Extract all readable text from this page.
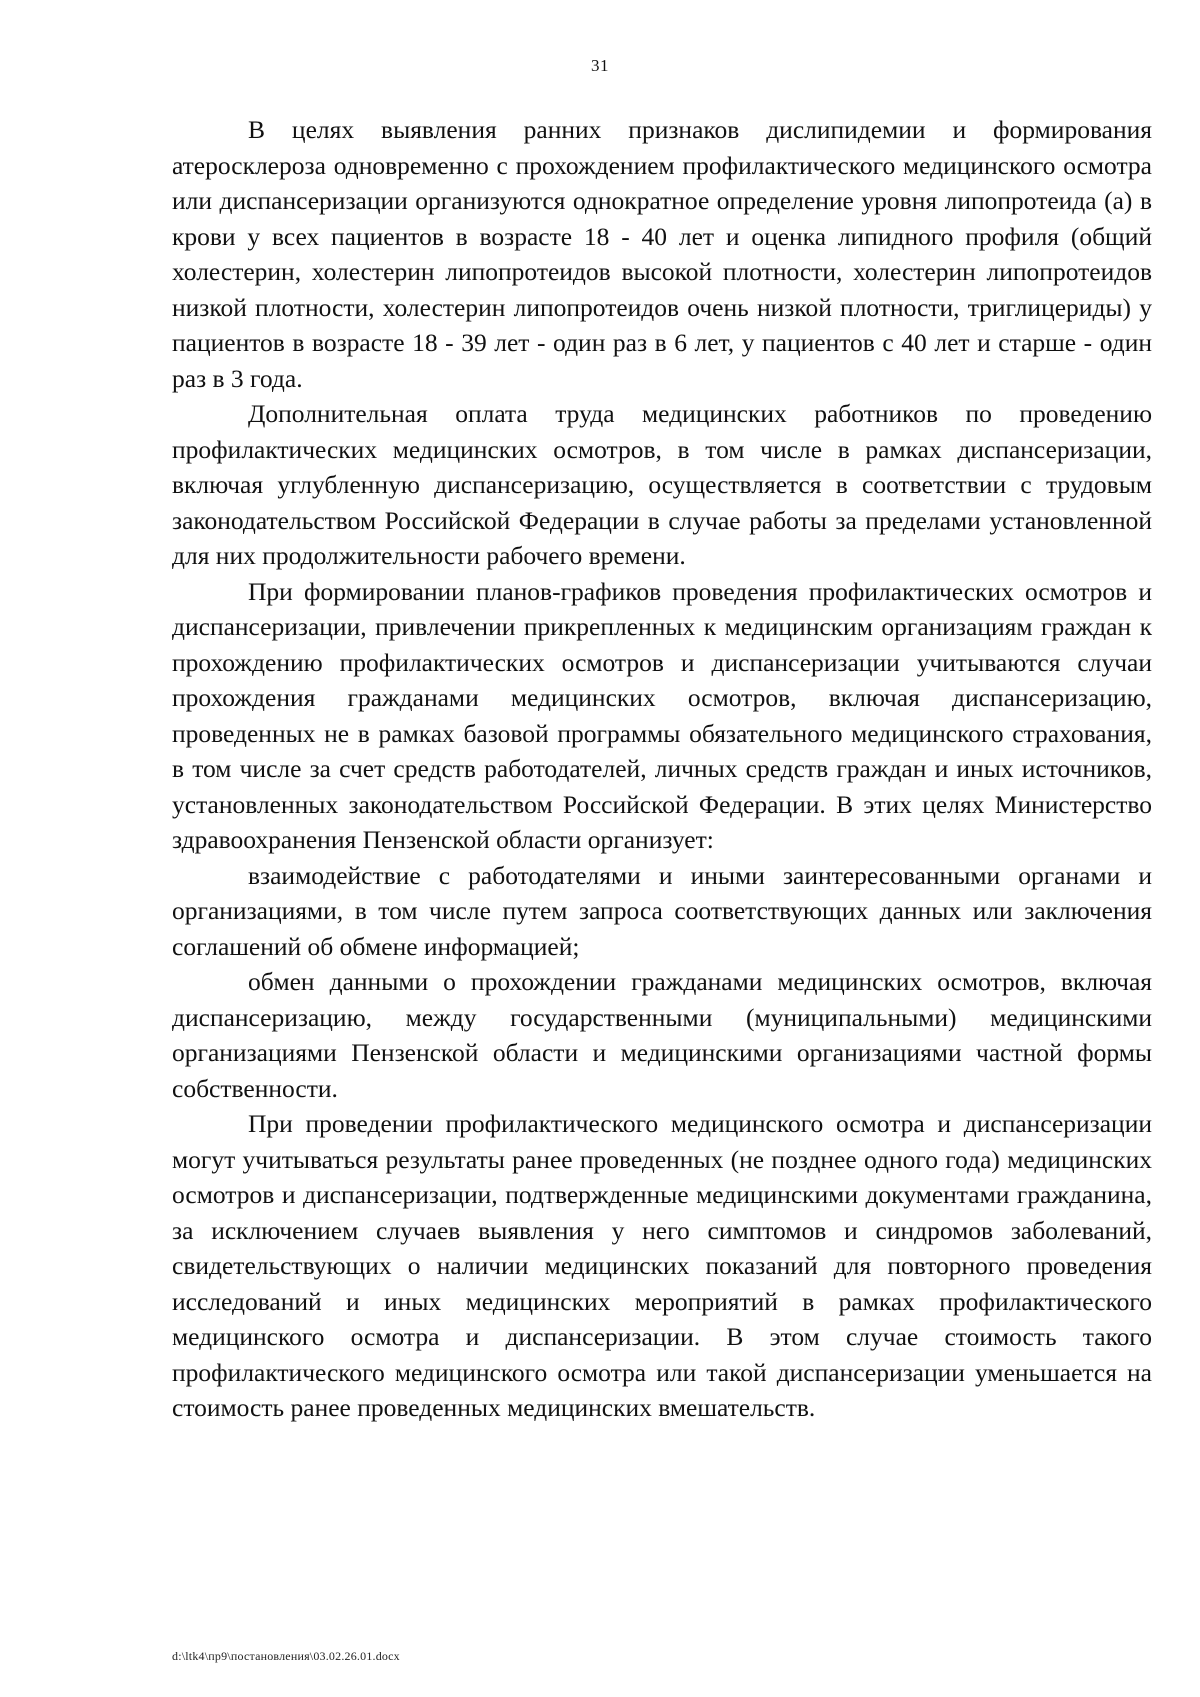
31

В целях выявления ранних признаков дислипидемии и формирования атеросклероза одновременно с прохождением профилактического медицинского осмотра или диспансеризации организуются однократное определение уровня липопротеида (а) в крови у всех пациентов в возрасте 18 - 40 лет и оценка липидного профиля (общий холестерин, холестерин липопротеидов высокой плотности, холестерин липопротеидов низкой плотности, холестерин липопротеидов очень низкой плотности, триглицериды) у пациентов в возрасте 18 - 39 лет - один раз в 6 лет, у пациентов с 40 лет и старше - один раз в 3 года.

Дополнительная оплата труда медицинских работников по проведению профилактических медицинских осмотров, в том числе в рамках диспансеризации, включая углубленную диспансеризацию, осуществляется в соответствии с трудовым законодательством Российской Федерации в случае работы за пределами установленной для них продолжительности рабочего времени.

При формировании планов-графиков проведения профилактических осмотров и диспансеризации, привлечении прикрепленных к медицинским организациям граждан к прохождению профилактических осмотров и диспансеризации учитываются случаи прохождения гражданами медицинских осмотров, включая диспансеризацию, проведенных не в рамках базовой программы обязательного медицинского страхования, в том числе за счет средств работодателей, личных средств граждан и иных источников, установленных законодательством Российской Федерации. В этих целях Министерство здравоохранения Пензенской области организует:

взаимодействие с работодателями и иными заинтересованными органами и организациями, в том числе путем запроса соответствующих данных или заключения соглашений об обмене информацией;

обмен данными о прохождении гражданами медицинских осмотров, включая диспансеризацию, между государственными (муниципальными) медицинскими организациями Пензенской области и медицинскими организациями частной формы собственности.

При проведении профилактического медицинского осмотра и диспансеризации могут учитываться результаты ранее проведенных (не позднее одного года) медицинских осмотров и диспансеризации, подтвержденные медицинскими документами гражданина, за исключением случаев выявления у него симптомов и синдромов заболеваний, свидетельствующих о наличии медицинских показаний для повторного проведения исследований и иных медицинских мероприятий в рамках профилактического медицинского осмотра и диспансеризации. В этом случае стоимость такого профилактического медицинского осмотра или такой диспансеризации уменьшается на стоимость ранее проведенных медицинских вмешательств.

d:\ltk4\пр9\постановления\03.02.26.01.docx
